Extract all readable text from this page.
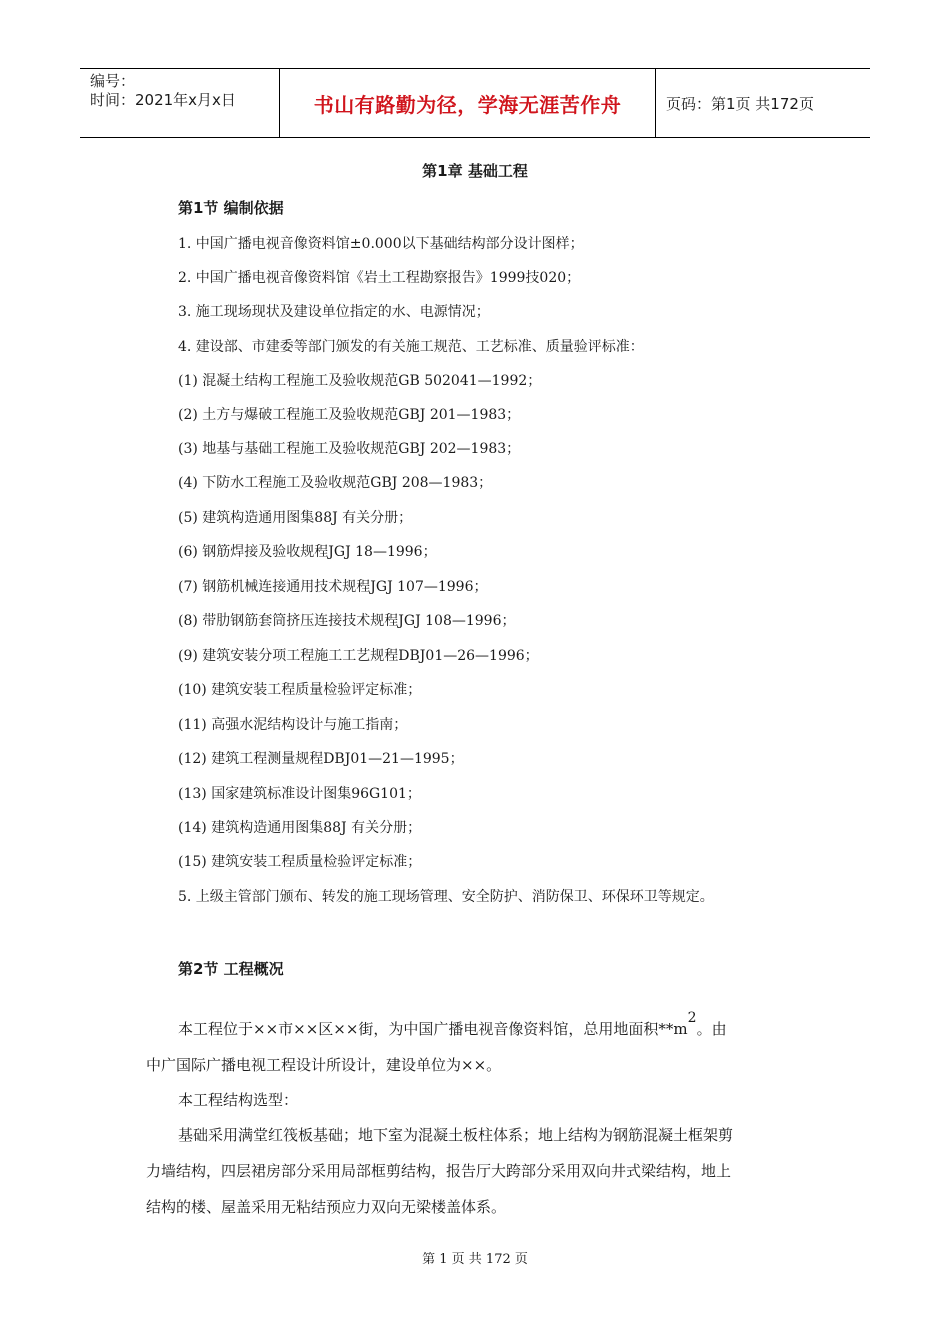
编号：
时间：2021年x月x日	书山有路勤为径，学海无涯苦作舟	页码：第1页 共172页
第1章 基础工程
第1节 编制依据
1. 中国广播电视音像资料馆±0.000以下基础结构部分设计图样；
2. 中国广播电视音像资料馆《岩土工程勘察报告》1999技020；
3. 施工现场现状及建设单位指定的水、电源情况；
4. 建设部、市建委等部门颁发的有关施工规范、工艺标准、质量验评标准：
(1) 混凝土结构工程施工及验收规范GB 502041—1992；
(2) 土方与爆破工程施工及验收规范GBJ 201—1983；
(3) 地基与基础工程施工及验收规范GBJ 202—1983；
(4) 下防水工程施工及验收规范GBJ 208—1983；
(5) 建筑构造通用图集88J 有关分册；
(6) 钢筋焊接及验收规程JGJ 18—1996；
(7) 钢筋机械连接通用技术规程JGJ 107—1996；
(8) 带肋钢筋套筒挤压连接技术规程JGJ 108—1996；
(9) 建筑安装分项工程施工工艺规程DBJ01—26—1996；
(10) 建筑安装工程质量检验评定标准；
(11) 高强水泥结构设计与施工指南；
(12) 建筑工程测量规程DBJ01—21—1995；
(13) 国家建筑标准设计图集96G101；
(14) 建筑构造通用图集88J 有关分册；
(15) 建筑安装工程质量检验评定标准；
5. 上级主管部门颁布、转发的施工现场管理、安全防护、消防保卫、环保环卫等规定。
第2节 工程概况
本工程位于××市××区××街，为中国广播电视音像资料馆，总用地面积$**m^2$。由
中广国际广播电视工程设计所设计，建设单位为××。
本工程结构选型：
基础采用满堂红筏板基础；地下室为混凝土板柱体系；地上结构为钢筋混凝土框架剪
力墙结构，四层裙房部分采用局部框剪结构，报告厅大跨部分采用双向井式梁结构，地上
结构的楼、屋盖采用无粘结预应力双向无梁楼盖体系。
第 1 页 共 172 页
